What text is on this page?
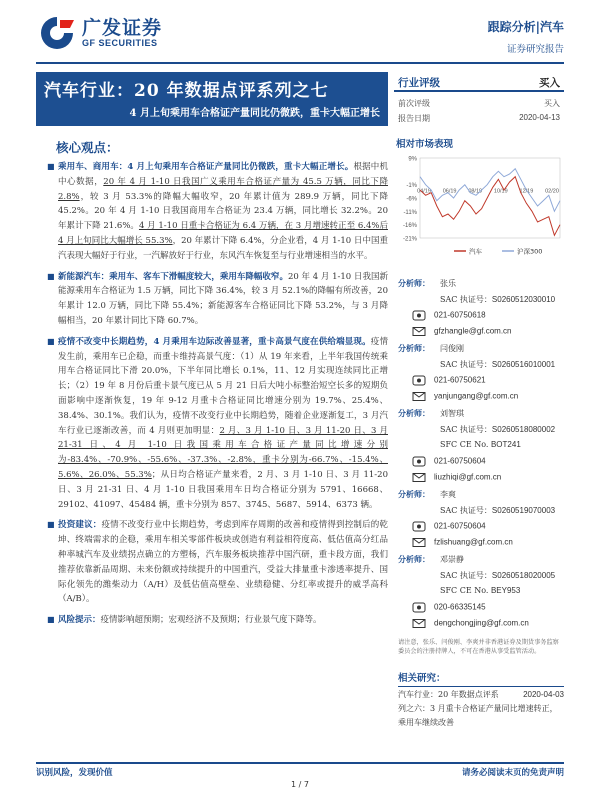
广发证券
GF SECURITIES
跟踪分析|汽车
证券研究报告
汽车行业：20 年数据点评系列之七
4 月上旬乘用车合格证产量同比仍微跌，重卡大幅正增长
核心观点：
■ 乘用车、商用车：4 月上旬乘用车合格证产量同比仍微跌，重卡大幅正增长。根据中机中心数据，20 年 4 月 1-10 日我国广义乘用车合格证产量为 45.5 万辆，同比下降 2.8%，较 3 月 53.3%的降幅大幅收窄，20 年累计值为 289.9 万辆，同比下降 45.2%。20 年 4 月 1-10 日我国商用车合格证为 23.4 万辆，同比增长 32.2%。20 年累计下降 21.6%。4 月 1-10 日重卡合格证为 6.4 万辆，在 3 月增速转正至 6.4%后 4 月上旬同比大幅增长 55.3%，20 年累计下降 6.4%，分企业看，4 月 1-10 日中国重汽表现大幅好于行业，一汽解放好于行业，东风汽车恢复至与行业增速相当的水平。
■ 新能源汽车：乘用车、客车下滑幅度较大，乘用车降幅收窄。20 年 4 月 1-10 日我国新能源乘用车合格证为 1.5 万辆，同比下降 36.4%，较 3 月 52.1%的降幅有所改善，20 年累计 12.0 万辆，同比下降 55.4%；新能源客车合格证同比下降 53.2%，与 3 月降幅相当，20 年累计同比下降 60.7%。
■ 疫情不改变中长期趋势，4 月乘用车边际改善显著，重卡高景气度在供给端显现。疫情发生前，乘用车已企稳，而重卡维持高景气度：（1）从 19 年来看，上半年我国传统乘用车合格证同比下滑 20.0%，下半年同比增长 0.1%，11、12 月实现连续同比正增长；（2）19 年 8 月份后重卡景气度已从 5 月 21 日后大吨小标整治短空长多的短期负面影响中逐渐恢复，19 年 9-12 月重卡合格证同比增速分别为 19.7%、25.4%、38.4%、30.1%。我们认为，疫情不改变行业中长期趋势，随着企业逐渐复工，3 月汽车行业已逐渐改善，而 4 月则更加明显：2 月、3 月 1-10 日、3 月 11-20 日、3 月 21-31 日、4 月 1-10 日我国乘用车合格证产量同比增速分别为-83.4%、-70.9%、-55.6%、-37.3%、-2.8%，重卡分别为-66.7%、-15.4%、5.6%、26.0%、55.3%；从日均合格证产量来看，2 月、3 月 1-10 日、3 月 11-20 日、3 月 21-31 日、4 月 1-10 日我国乘用车日均合格证分别为 5791、16668、29102、41097、45484 辆，重卡分别为 857、3745、5687、5914、6373 辆。
■ 投资建议：疫情不改变行业中长期趋势，考虑到库存周期的改善和疫情得到控制后的乾坤、终端需求的企稳，乘用车相关零部件板块或创造有利益相符度高、低估值高分红品种率城汽车及业绩拐点确立的方塑杨，汽车服务板块推荐中国汽研，重卡段方面，我们推荐依靠新品周期、未来份额或持续提升的中国重汽，受益大排量重卡渗透率提升、国际化领先的潍柴动力（A/H）及低估值高壁垒、业绩稳健、分红率或提升的威孚高科（A/B）。
■ 风险提示：疫情影响超预期；宏观经济不及预期；行业景气度下降等。
行业评级	买入
前次评级	买入
报告日期	2020-04-13
相对市场表现
9%
-1%
-6%
-11%
-16%
-21%
04/19 06/19 08/19 10/19 12/19 02/20
汽车	沪深300
分析师： 张乐
SAC 执证号：S0260512030010
021-60750618
gfzhangle@gf.com.cn
分析师： 闫俊刚
SAC 执证号：S0260516010001
021-60750621
yanjungang@gf.com.cn
分析师： 刘智琪
SAC 执证号：S0260518080002
SFC CE No. BOT241
021-60750604
liuzhiqi@gf.com.cn
分析师： 李爽
SAC 执证号：S0260519070003
021-60750604
fzlishuang@gf.com.cn
分析师： 邓崇静
SAC 执证号：S0260518020005
SFC CE No. BEY953
020-66335145
dengchongjing@gf.com.cn
请注意，张乐、闫俊刚、李爽并非香港证券及期货事务监察委员会的注册持牌人，不可在香港从事受监管活动。
相关研究：
汽车行业：20 年数据点评系	2020-04-03
列之六：3 月重卡合格证产量同比增速转正，乘用车继续改善
识别风险，发现价值	请务必阅读末页的免责声明
1 / 7
